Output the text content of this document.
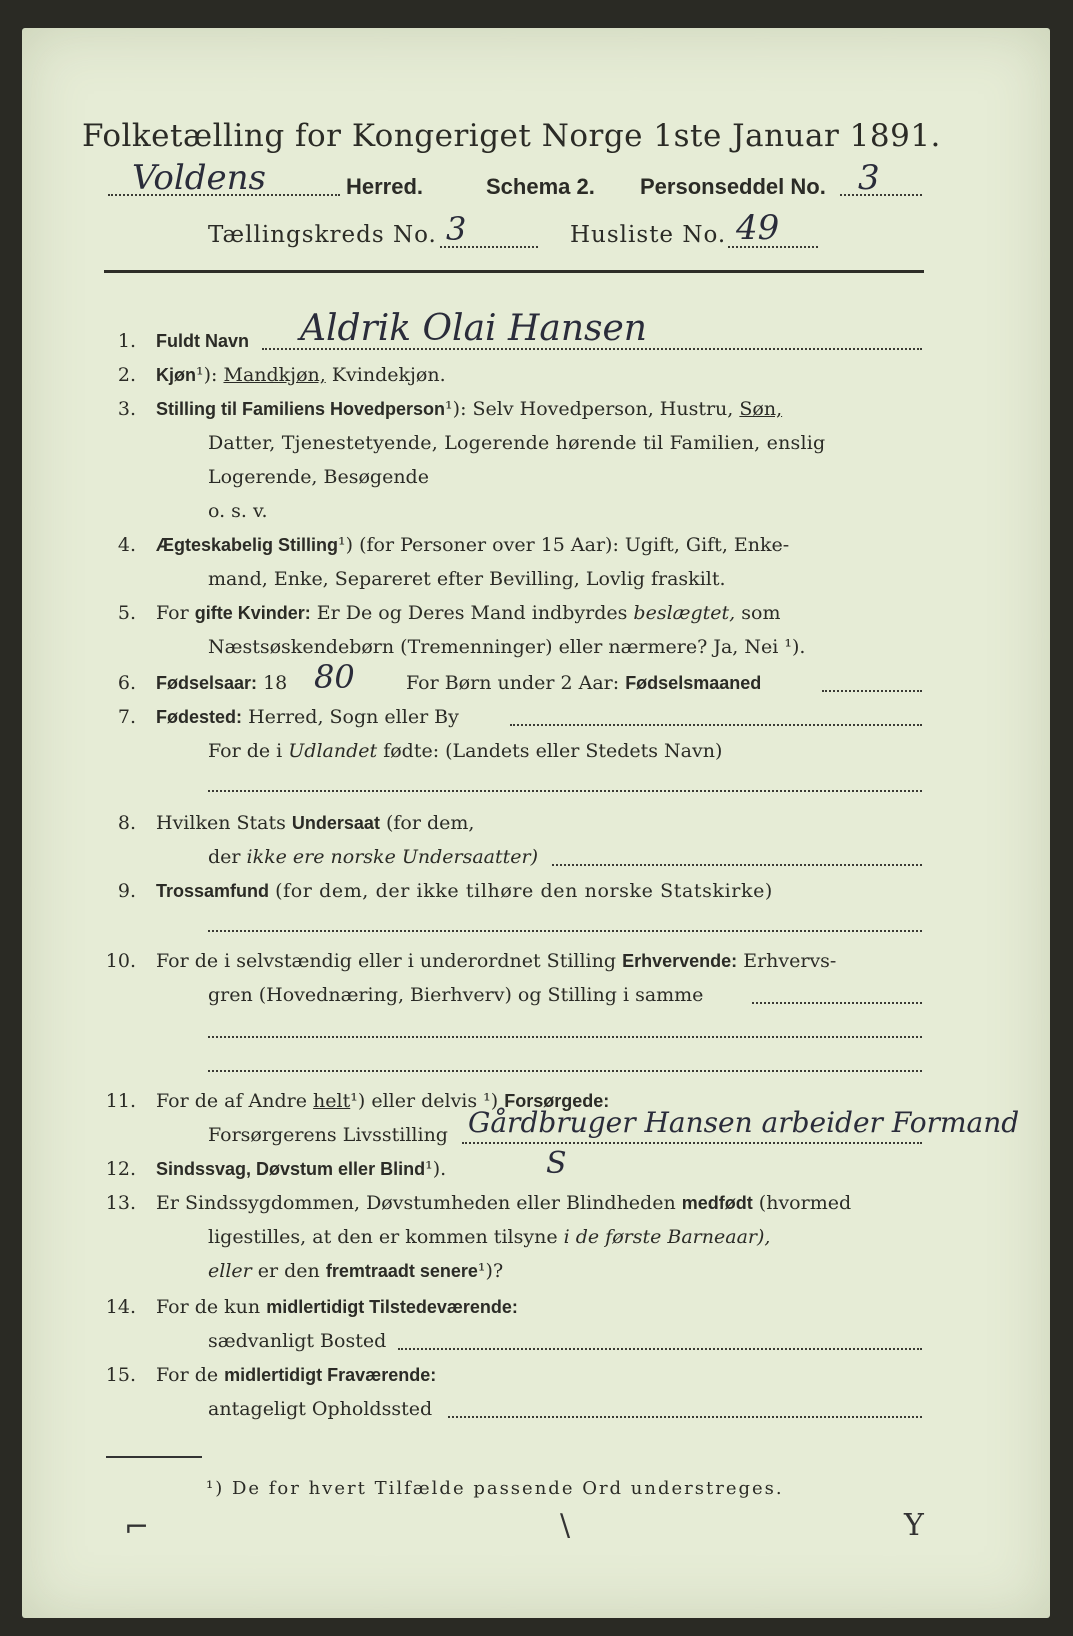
Folketælling for Kongeriget Norge 1ste Januar 1891.
Voldens	Herred.	Schema 2. Personseddel No. 3
Tællingskreds No. 3	Husliste No. 49
1. Fuldt Navn Aldrik Olai Hansen
2. Kjøn¹): Mandkjøn, Kvindekjøn.
3. Stilling til Familiens Hovedperson¹): Selv Hovedperson, Hustru, Søn,
Datter, Tjenestetyende, Logerende hørende til Familien, enslig
Logerende, Besøgende
o. s. v.
4. Ægteskabelig Stilling¹) (for Personer over 15 Aar): Ugift, Gift, Enke-
mand, Enke, Separeret efter Bevilling, Lovlig fraskilt.
5. For gifte Kvinder: Er De og Deres Mand indbyrdes beslægtet, som
Næstsøskendebørn (Tremenninger) eller nærmere? Ja, Nei ¹).
6. Fødselsaar: 18 80	For Børn under 2 Aar: Fødselsmaaned
7. Fødested: Herred, Sogn eller By
For de i Udlandet fødte: (Landets eller Stedets Navn)
8. Hvilken Stats Undersaat (for dem,
der ikke ere norske Undersaatter)
9. Trossamfund (for dem, der ikke tilhøre den norske Statskirke)
10. For de i selvstændig eller i underordnet Stilling Erhvervende: Erhvervs-
gren (Hovednæring, Bierhverv) og Stilling i samme
11. For de af Andre helt¹) eller delvis ¹) Forsørgede:
Forsørgerens Livsstilling Gårdbruger Hansen arbeider Formand
12. Sindssvag, Døvstum eller Blind¹).	S
13. Er Sindssygdommen, Døvstumheden eller Blindheden medfødt (hvormed
ligestilles, at den er kommen tilsyne i de første Barneaar),
eller er den fremtraadt senere¹)?
14. For de kun midlertidigt Tilstedeværende:
sædvanligt Bosted
15. For de midlertidigt Fraværende:
antageligt Opholdssted
¹) De for hvert Tilfælde passende Ord understreges.
⌐	\	Y
